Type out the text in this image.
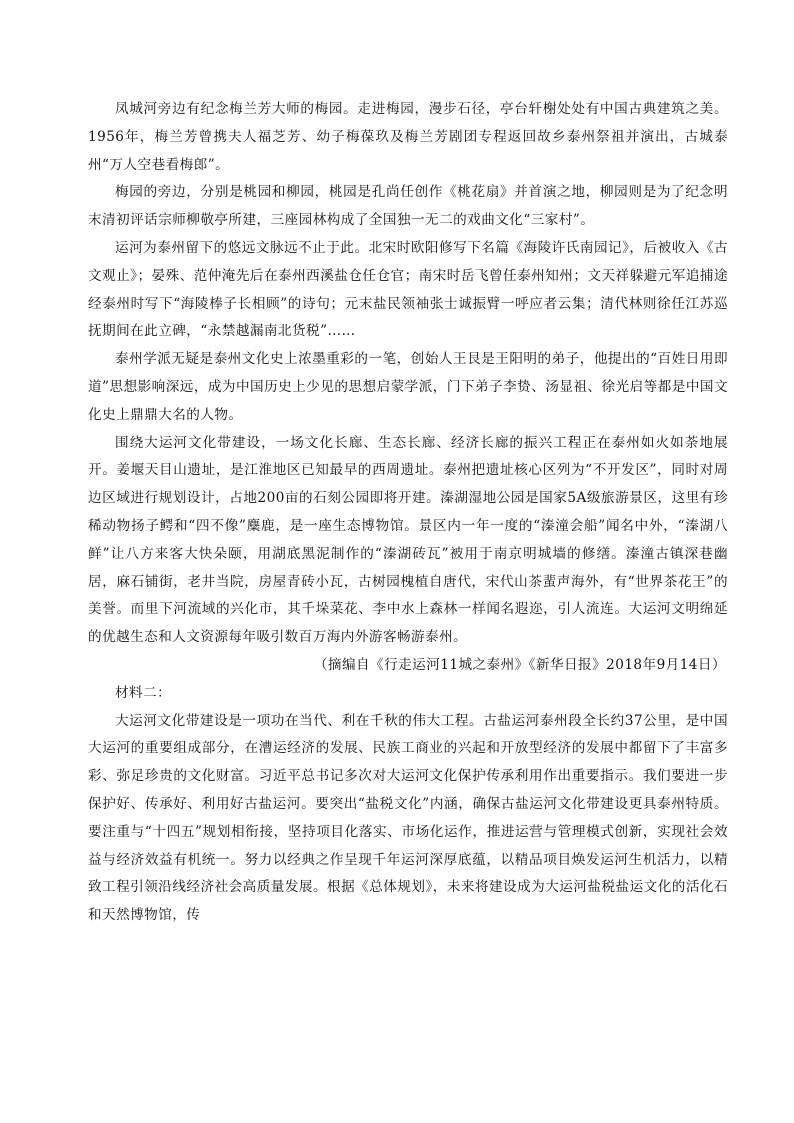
凤城河旁边有纪念梅兰芳大师的梅园。走进梅园，漫步石径，亭台轩榭处处有中国古典建筑之美。1956年，梅兰芳曾携夫人福芝芳、幼子梅葆玖及梅兰芳剧团专程返回故乡泰州祭祖并演出，古城泰州“万人空巷看梅郎”。

梅园的旁边，分别是桃园和柳园，桃园是孔尚任创作《桃花扇》并首演之地，柳园则是为了纪念明末清初评话宗师柳敬亭所建，三座园林构成了全国独一无二的戏曲文化“三家村”。

运河为泰州留下的悠远文脉远不止于此。北宋时欧阳修写下名篇《海陵许氏南园记》，后被收入《古文观止》；晏殊、范仲淹先后在泰州西溪盐仓任仓官；南宋时岳飞曾任泰州知州；文天祥躲避元军追捕途经泰州时写下“海陵棒子长相顾”的诗句；元末盐民领袖张士诚振臂一呼应者云集；清代林则徐任江苏巡抚期间在此立碑，“永禁越漏南北货税”……

泰州学派无疑是泰州文化史上浓墨重彩的一笔，创始人王艮是王阳明的弟子，他提出的“百姓日用即道”思想影响深远，成为中国历史上少见的思想启蒙学派，门下弟子李贽、汤显祖、徐光启等都是中国文化史上鼎鼎大名的人物。

围绕大运河文化带建设，一场文化长廊、生态长廊、经济长廊的振兴工程正在泰州如火如荼地展开。姜堰天目山遗址，是江淮地区已知最早的西周遗址。泰州把遗址核心区列为“不开发区”，同时对周边区域进行规划设计，占地200亩的石刻公园即将开建。溱湖湿地公园是国家5A级旅游景区，这里有珍稀动物扬子鳄和“四不像”麋鹿，是一座生态博物馆。景区内一年一度的“溱潼会船”闻名中外，“溱湖八鲜”让八方来客大快朵颐，用湖底黑泥制作的“溱湖砖瓦”被用于南京明城墙的修缮。溱潼古镇深巷幽居，麻石铺街，老井当院，房屋青砖小瓦，古树园槐植自唐代，宋代山茶蜚声海外，有“世界茶花王”的美誉。而里下河流域的兴化市，其千垛菜花、李中水上森林一样闻名遐迩，引人流连。大运河文明绵延的优越生态和人文资源每年吸引数百万海内外游客畅游泰州。

（摘编自《行走运河11城之泰州》《新华日报》2018年9月14日）

材料二：

大运河文化带建设是一项功在当代、利在千秋的伟大工程。古盐运河泰州段全长约37公里，是中国大运河的重要组成部分，在漕运经济的发展、民族工商业的兴起和开放型经济的发展中都留下了丰富多彩、弥足珍贵的文化财富。习近平总书记多次对大运河文化保护传承利用作出重要指示。我们要进一步保护好、传承好、利用好古盐运河。要突出“盐税文化”内涵，确保古盐运河文化带建设更具泰州特质。要注重与“十四五”规划相衔接，坚持项目化落实、市场化运作，推进运营与管理模式创新，实现社会效益与经济效益有机统一。努力以经典之作呈现千年运河深厚底蕴，以精品项目焕发运河生机活力，以精致工程引领沿线经济社会高质量发展。根据《总体规划》，未来将建设成为大运河盐税盐运文化的活化石和天然博物馆，传
